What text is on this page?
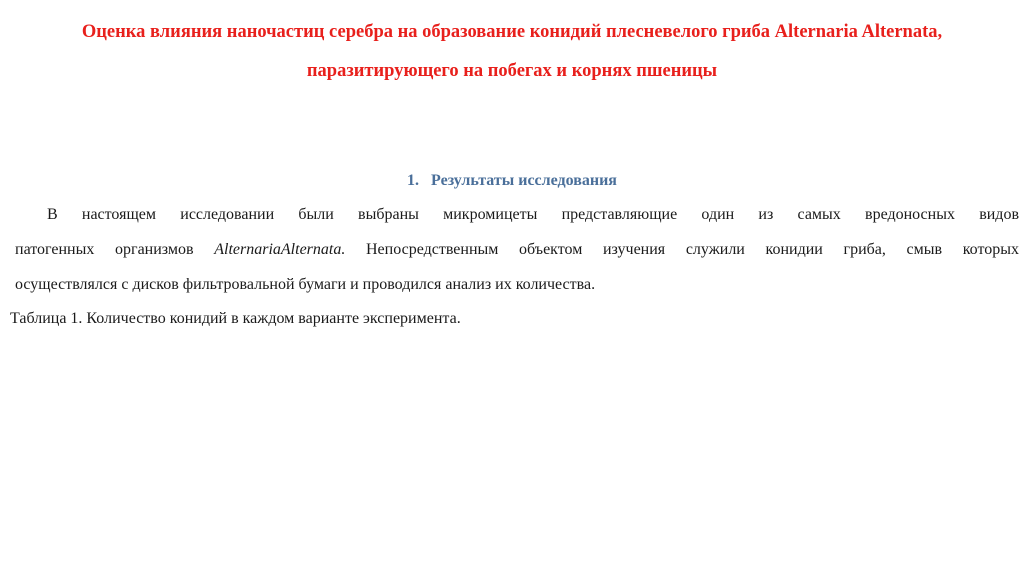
Оценка влияния наночастиц серебра на образование конидий плесневелого гриба Alternaria Alternata,
паразитирующего на побегах и корнях пшеницы
1. Результаты исследования
В настоящем исследовании были выбраны микромицеты представляющие один из самых вредоносных видов
патогенных организмов AlternariaAlternata. Непосредственным объектом изучения служили конидии гриба, смыв которых
осуществлялся с дисков фильтровальной бумаги и проводился анализ их количества.
Таблица 1. Количество конидий в каждом варианте эксперимента.
